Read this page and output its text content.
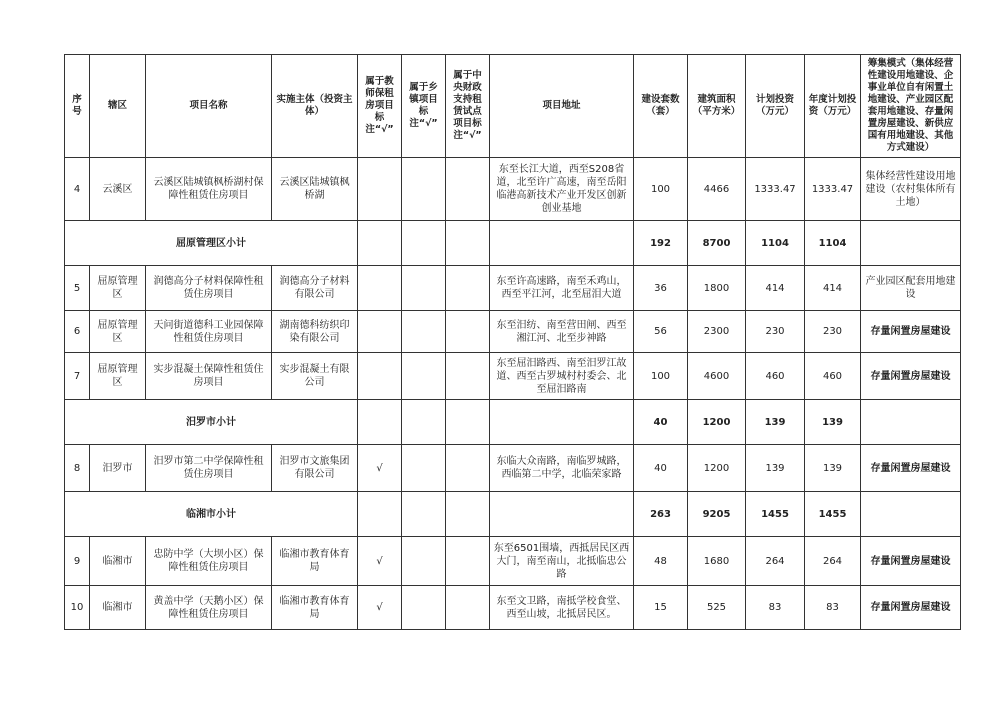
序号	辖区	项目名称	实施主体（投资主体）	属于教师保租房项目标注“√”	属于乡镇项目标注“√”	属于中央财政支持租赁试点项目标注“√”	项目地址	建设套数（套）	建筑面积（平方米）	计划投资（万元）	年度计划投资（万元）	筹集模式（集体经营性建设用地建设、企事业单位自有闲置土地建设、产业园区配套用地建设、存量闲置房屋建设、新供应国有用地建设、其他方式建设）
4	云溪区	云溪区陆城镇枫桥湖村保障性租赁住房项目	云溪区陆城镇枫桥湖				东至长江大道，西至S208省道，北至许广高速，南至岳阳临港高新技术产业开发区创新创业基地	100	4466	1333.47	1333.47	集体经营性建设用地建设（农村集体所有土地）
屈原管理区小计								192	8700	1104	1104	
5	屈原管理区	润德高分子材料保障性租赁住房项目	润德高分子材料有限公司				东至许高速路，南至禾鸡山，西至平江河，北至屈泪大道	36	1800	414	414	产业园区配套用地建设
6	屈原管理区	天问街道德科工业园保障性租赁住房项目	湖南德科纺织印染有限公司				东至汨纺、南至营田闸、西至湘江河、北至步神路	56	2300	230	230	存量闲置房屋建设
7	屈原管理区	实步混凝土保障性租赁住房项目	实步混凝土有限公司				东至屈汨路西、南至汨罗江故道、西至古罗城村村委会、北至屈汨路南	100	4600	460	460	存量闲置房屋建设
汨罗市小计								40	1200	139	139	
8	汨罗市	汨罗市第二中学保障性租赁住房项目	汨罗市文旅集团有限公司	√			东临大众南路，南临罗城路，西临第二中学，北临荣家路	40	1200	139	139	存量闲置房屋建设
临湘市小计								263	9205	1455	1455	
9	临湘市	忠防中学（大坝小区）保障性租赁住房项目	临湘市教育体育局	√			东至6501围墙，西抵居民区西大门，南至南山，北抵临忠公路	48	1680	264	264	存量闲置房屋建设
10	临湘市	黄盖中学（天鹅小区）保障性租赁住房项目	临湘市教育体育局	√			东至文卫路，南抵学校食堂、西至山坡，北抵居民区。	15	525	83	83	存量闲置房屋建设
